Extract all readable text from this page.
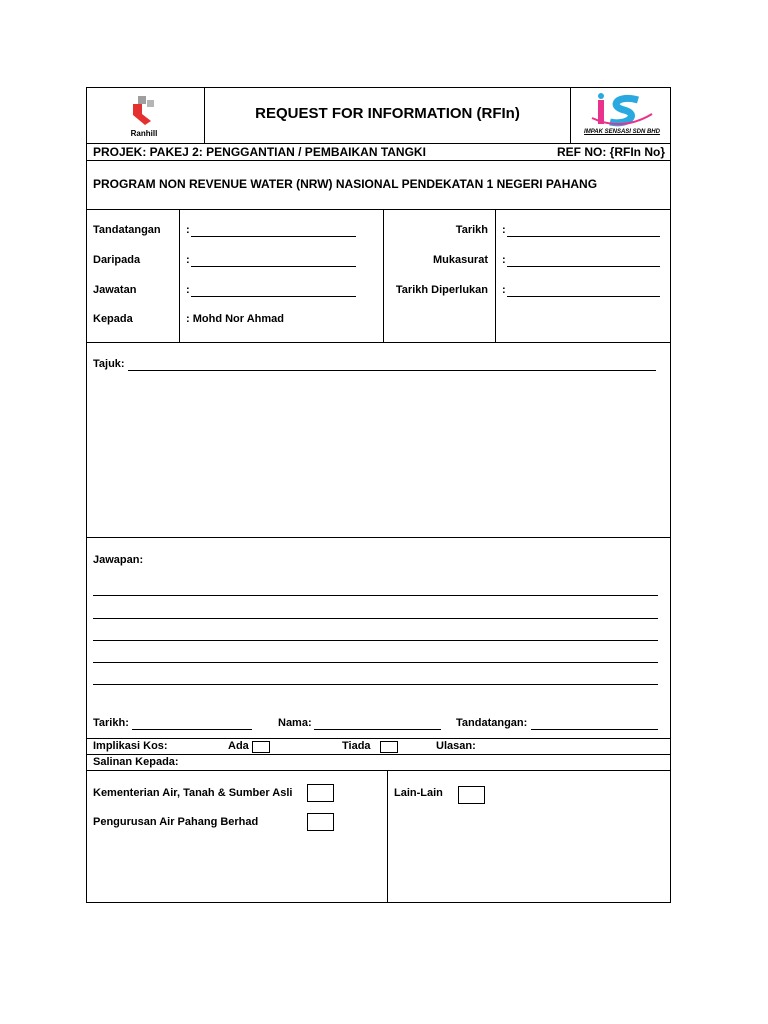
Ranhill
REQUEST FOR INFORMATION (RFIn)
IMPAK SENSASI SDN BHD
PROJEK: PAKEJ 2: PENGGANTIAN / PEMBAIKAN TANGKI	REF NO: {RFIn No}
PROGRAM NON REVENUE WATER (NRW) NASIONAL PENDEKATAN 1 NEGERI PAHANG
Tandatangan :
Daripada	:
Jawatan	:
Kepada	: Mohd Nor Ahmad
Tarikh :
Mukasurat :
Tarikh Diperlukan :
Tajuk:
Jawapan:
Tarikh:	Nama:	Tandatangan:
Implikasi Kos:	Ada	Tiada	Ulasan:
Salinan Kepada:
Kementerian Air, Tanah & Sumber Asli
Pengurusan Air Pahang Berhad
Lain-Lain
